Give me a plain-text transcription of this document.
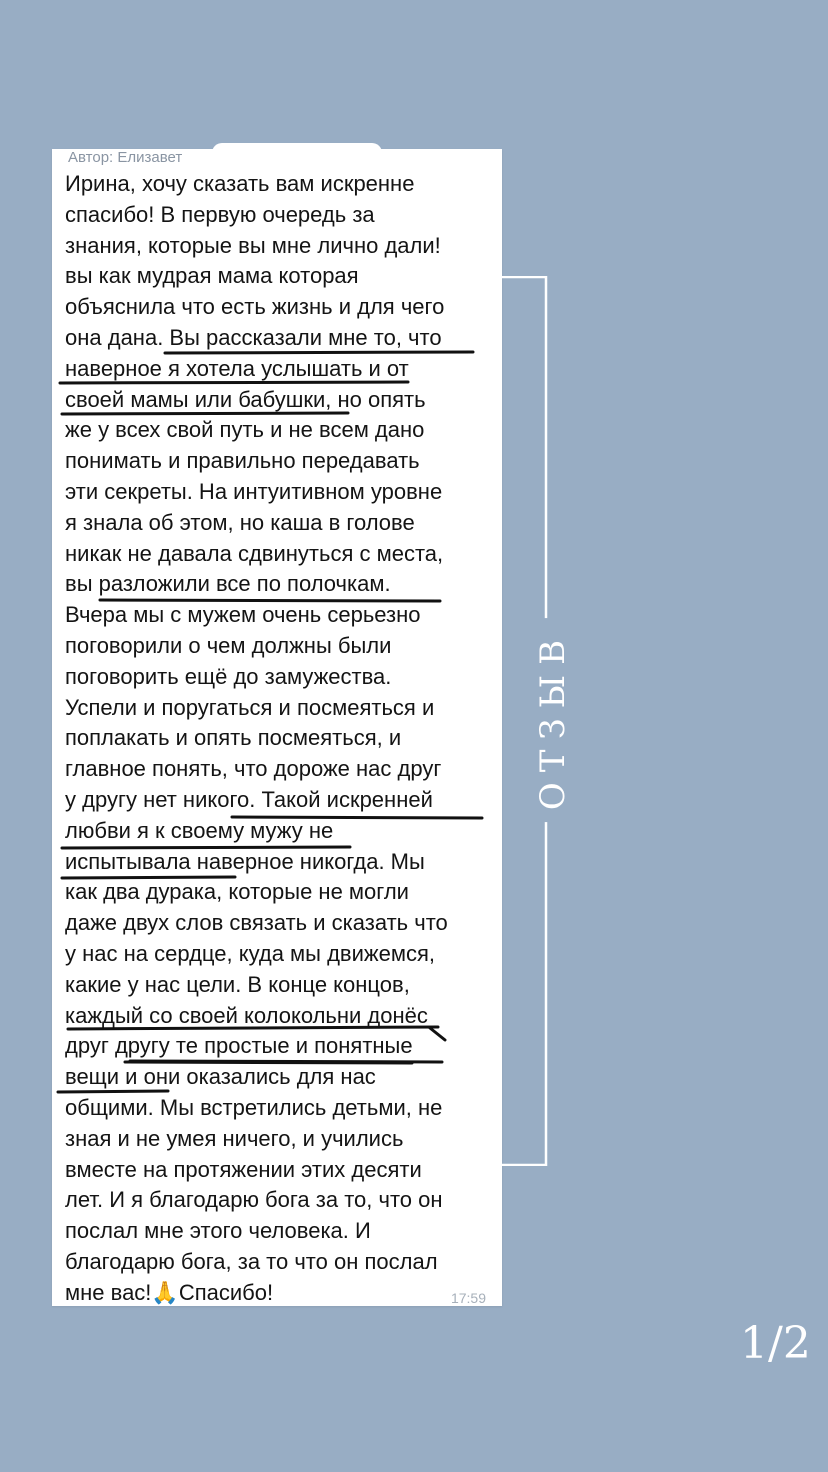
Автор: Елизавет
Ирина, хочу сказать вам искренне
спасибо! В первую очередь за
знания, которые вы мне лично дали!
вы как мудрая мама которая
объяснила что есть жизнь и для чего
она дана. Вы рассказали мне то, что
наверное я хотела услышать и от
своей мамы или бабушки, но опять
же у всех свой путь и не всем дано
понимать и правильно передавать
эти секреты. На интуитивном уровне
я знала об этом, но каша в голове
никак не давала сдвинуться с места,
вы разложили все по полочкам.
Вчера мы с мужем очень серьезно
поговорили о чем должны были
поговорить ещё до замужества.
Успели и поругаться и посмеяться и
поплакать и опять посмеяться, и
главное понять, что дороже нас друг
у другу нет никого. Такой искренней
любви я к своему мужу не
испытывала наверное никогда. Мы
как два дурака, которые не могли
даже двух слов связать и сказать что
у нас на сердце, куда мы движемся,
какие у нас цели. В конце концов,
каждый со своей колокольни донёс
друг другу те простые и понятные
вещи и они оказались для нас
общими. Мы встретились детьми, не
зная и не умея ничего, и учились
вместе на протяжении этих десяти
лет. И я благодарю бога за то, что он
послал мне этого человека. И
благодарю бога, за то что он послал
мне вас!🙏Спасибо!	17:59
ОТЗЫВ
1/2
